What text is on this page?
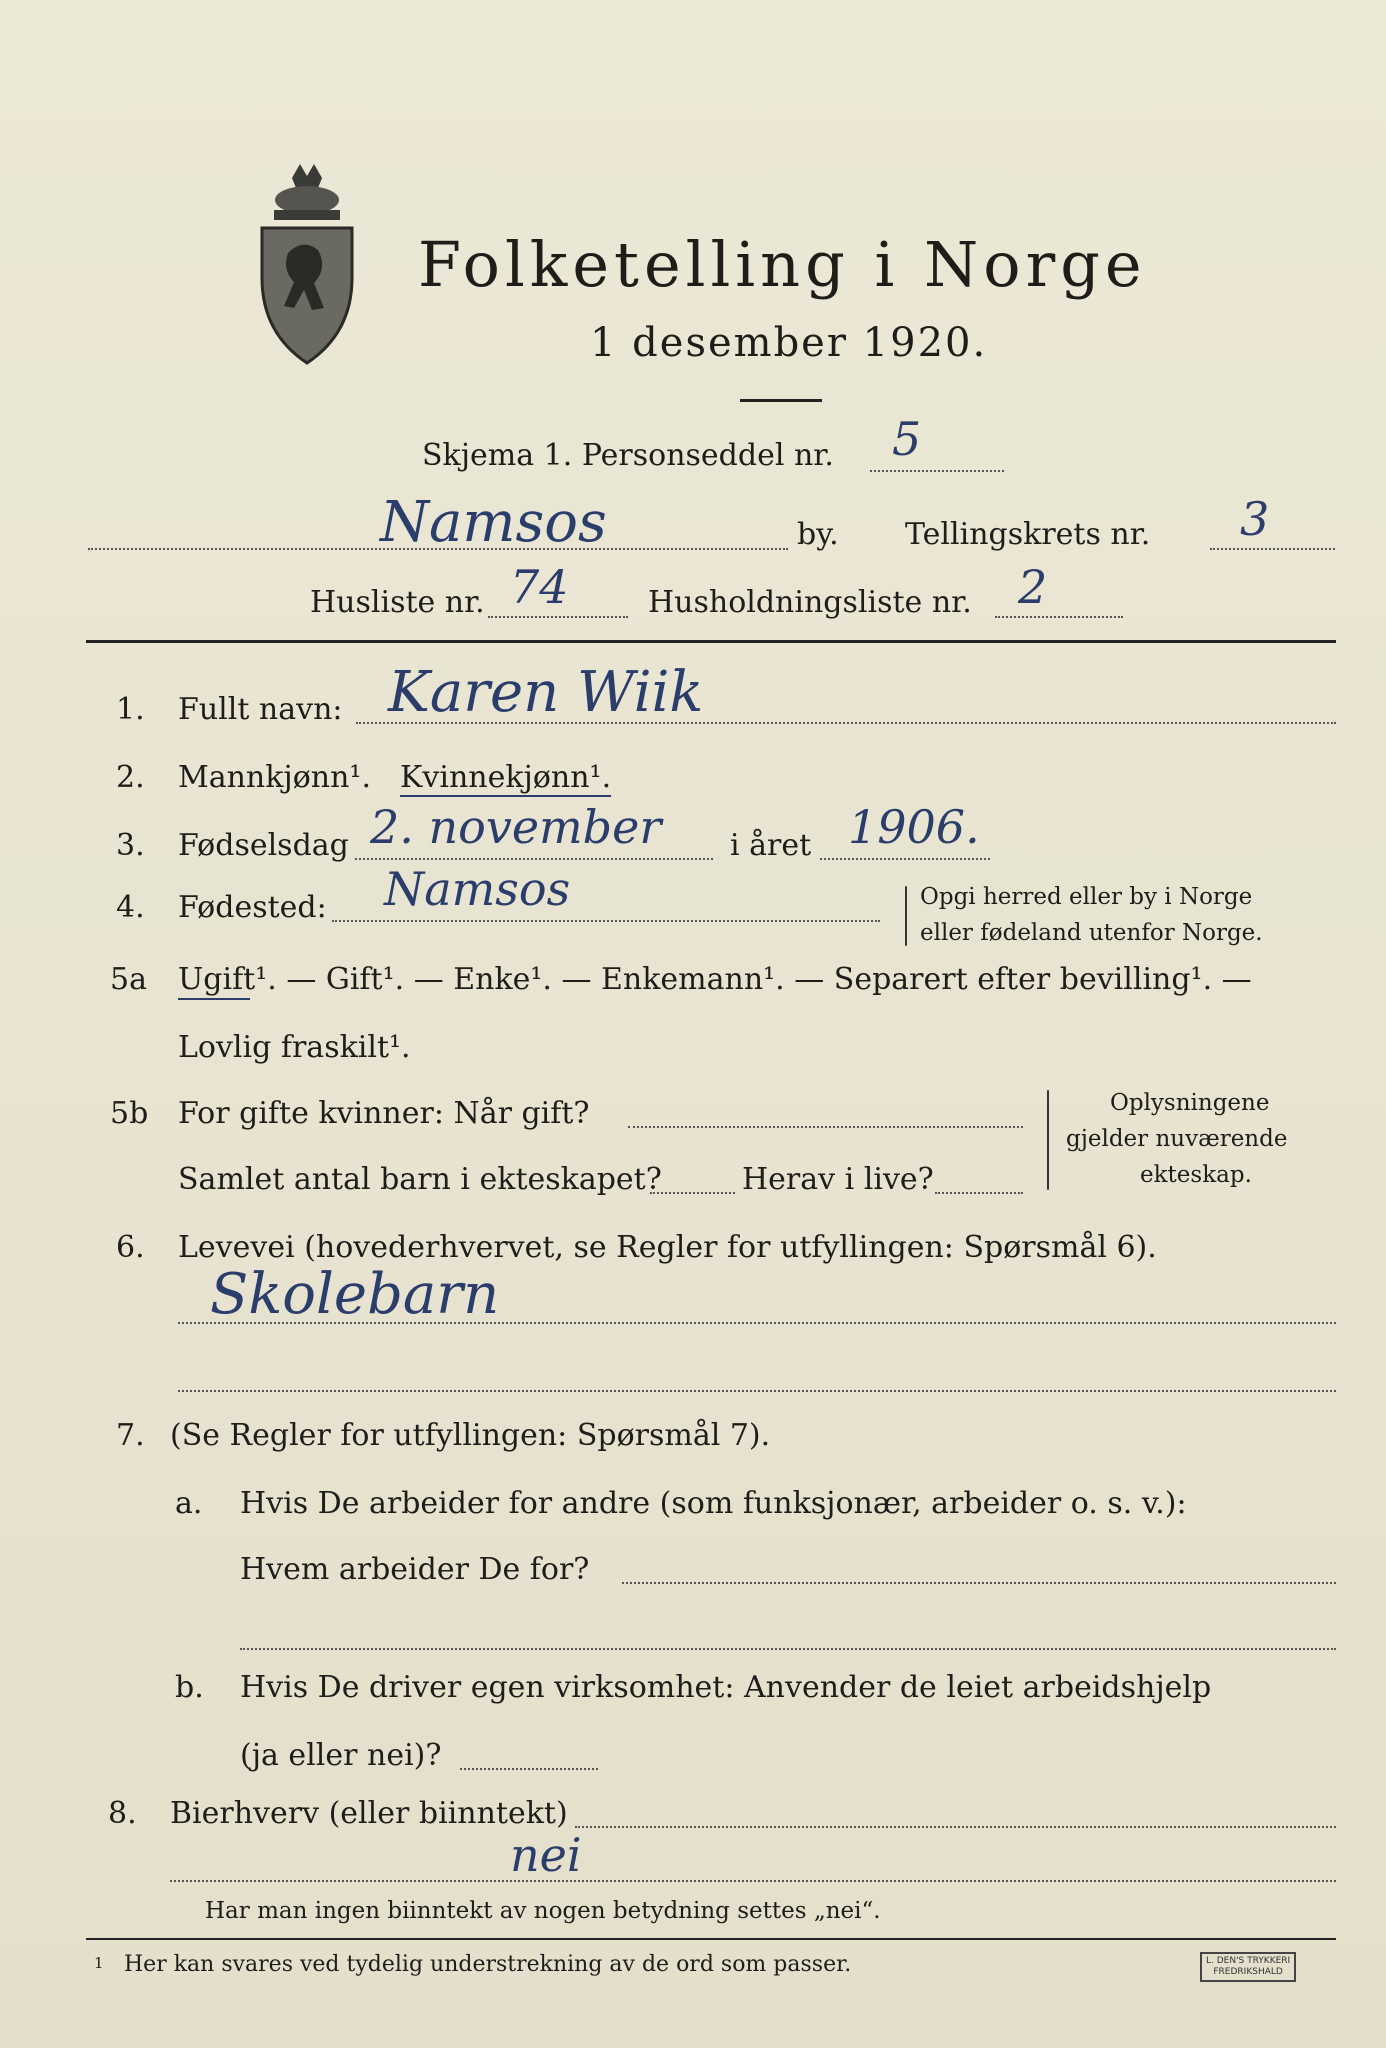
Folketelling i Norge
1 desember 1920.
Skjema 1. Personseddel nr. 5
Namsos	by. Tellingskrets nr. 3
Husliste nr. 74	Husholdningsliste nr. 2
1. Fullt navn: Karen Wiik
2. Mannkjønn¹. Kvinnekjønn¹.
3. Fødselsdag 2. november i året 1906.
4. Fødested: Namsos	Opgi herred eller by i Norge
eller fødeland utenfor Norge.
5a Ugift¹. — Gift¹. — Enke¹. — Enkemann¹. — Separert efter bevilling¹. —
Lovlig fraskilt¹.
5b For gifte kvinner: Når gift?
Samlet antal barn i ekteskapet?	Herav i live?
Oplysningene
gjelder nuværende
ekteskap.
6. Levevei (hovederhvervet, se Regler for utfyllingen: Spørsmål 6).
Skolebarn
7. (Se Regler for utfyllingen: Spørsmål 7).
a. Hvis De arbeider for andre (som funksjonær, arbeider o. s. v.):
Hvem arbeider De for?
b. Hvis De driver egen virksomhet: Anvender de leiet arbeidshjelp
(ja eller nei)?
8. Bierhverv (eller biinntekt)
nei
Har man ingen biinntekt av nogen betydning settes „nei“.
1 Her kan svares ved tydelig understrekning av de ord som passer.	L. DEN'S TRYKKERI
FREDRIKSHALD
